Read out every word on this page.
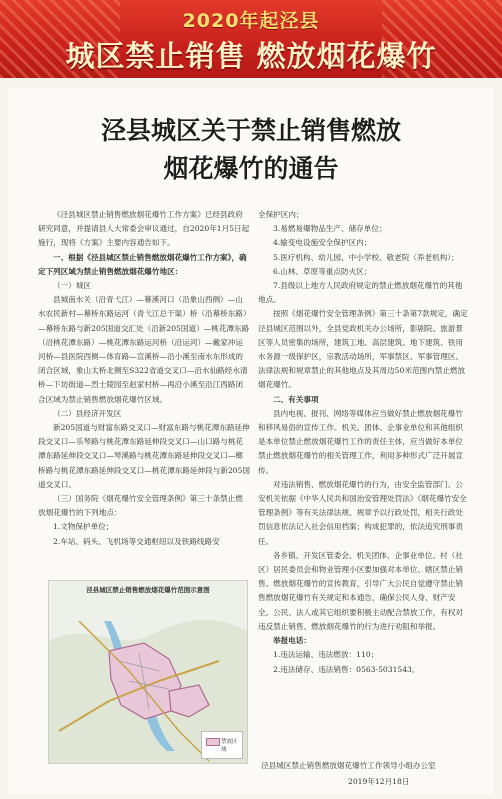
2020年起泾县
城区禁止销售 燃放烟花爆竹
泾县城区关于禁止销售燃放
烟花爆竹的通告

《泾县城区禁止销售燃放烟花爆竹工作方案》已经县政府研究同意，并提请县人大常委会审议通过，自2020年1月5日起施行，现将《方案》主要内容通告如下。

一、根据《泾县城区禁止销售燃放烟花爆竹工作方案》，确定下列区域为禁止销售燃放烟花爆竹地区：

（一）城区

县城南水关（沿青弋江）—幕溪河口（沿象山西侧）—山水农民新村—幕桥东路运河（青弋江总干渠）桥（沿幕桥东路）—幕桥东路与新205国道交汇处（沿新205国道）—桃花潭东路（沿桃花潭东路）—桃花潭东路运河桥（沿运河）—戴家冲运河桥—县医院西侧—体育路—宣溪桥—沿小溪至南水东形成的闭合区域，象山太桥北侧至S322省道交叉口—沿水仙路经水清桥—下坊街道—烈士陵园至赵家村桥—再沿小溪至沿江西路闭合区域为禁止销售燃放烟花爆竹区域。

（二）县经济开发区

新205国道与财富东路交叉口—财富东路与桃花潭东路延伸段交叉口—乐琴路与桃花潭东路延伸段交叉口—山口路与桃花潭东路延伸段交叉口—琴溪路与桃花潭东路延伸段交叉口—榔桥路与桃花潭东路延伸段交叉口—桃花潭东路延伸段与新205国道交叉口。

（三）国务院《烟花爆竹安全管理条例》第三十条禁止燃放烟花爆竹的下列地点：

1.文物保护单位；

2.车站、码头、飞机场等交通枢纽以及铁路线路安

泾县城区禁止销售燃放烟花爆竹范围示意图
禁放区域

全保护区内；

3.易燃易爆物品生产、储存单位；

4.输变电设施安全保护区内；

5.医疗机构、幼儿园、中小学校、敬老院（养老机构）；

6.山林、草原等重点防火区；

7.县级以上地方人民政府规定的禁止燃放烟花爆竹的其他地点。

按照《烟花爆竹安全管理条例》第三十条第7款规定，确定泾县城区范围以外，全县党政机关办公场所，影剧院、旅游景区等人员密集的场所，建筑工地、高层建筑、地下建筑、铁用水务源一级保护区，宗教活动场所，军事禁区、军事管理区、法律法规和规章禁止的其他地点及其周边50米范围内禁止燃放烟花爆竹。

二、有关事项

县内电视、报刊、网络等媒体应当做好禁止燃放烟花爆竹和移风易俗的宣传工作。机关、团体、企事业单位和其他组织是本单位禁止燃放烟花爆竹工作的责任主体，应当做好本单位禁止燃放烟花爆竹的相关管理工作，利用多种形式广泛开展宣传。

对违法销售、燃放烟花爆竹的行为，由安全监管部门、公安机关依据《中华人民共和国治安管理处罚法》《烟花爆竹安全管理条例》等有关法律法规、规章予以行政处罚，相关行政处罚信息依法记入社会信用档案；构成犯罪的，依法追究刑事责任。

各乡镇、开发区管委会、机关团体、企事业单位、村（社区）居民委员会和物业管理小区要加强对本单位、辖区禁止销售、燃放烟花爆竹的宣传教育，引导广大公民自觉遵守禁止销售燃放烟花爆竹有关规定和本通告，确保公民人身、财产安全。公民、法人或其它组织要积极主动配合禁放工作，有权对违反禁止销售、燃放烟花爆竹的行为进行劝阻和举报。

举报电话：

1.违法运输、违法燃放：110；

2.违法储存、违法销售：0563-5031543。

泾县城区禁止销售燃放烟花爆竹工作领导小组办公室
2019年12月18日
